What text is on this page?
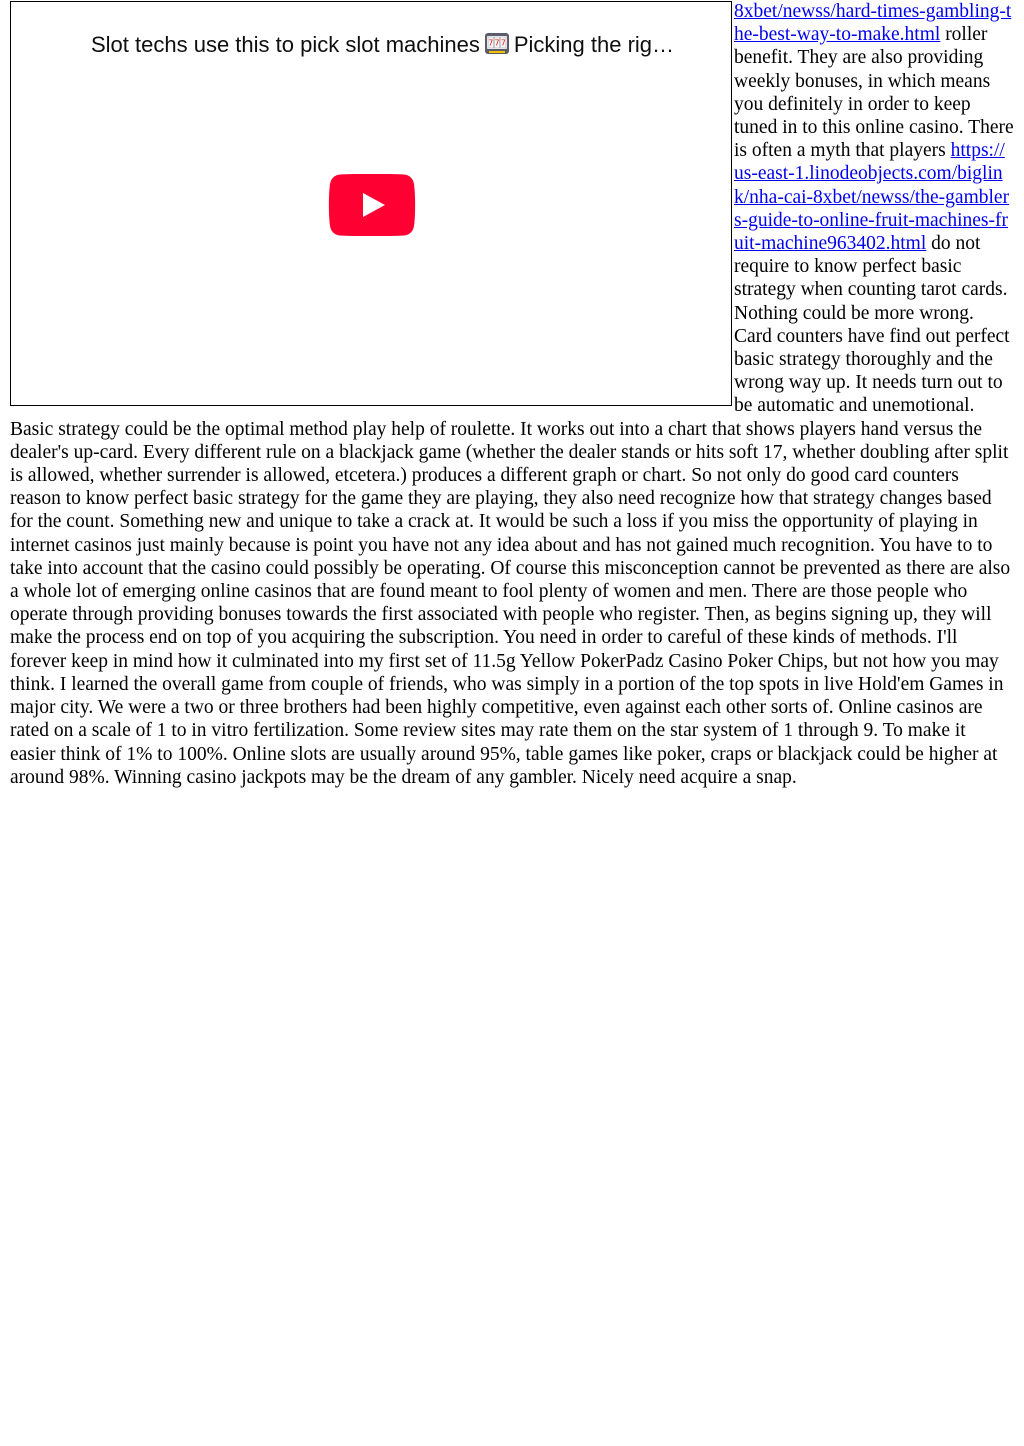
Slot techs use this to pick slot machines 7 7 7 Picking the rig…

8xbet/newss/hard-times-gambling-the-best-way-to-make.html roller benefit. They are also providing weekly bonuses, in which means you definitely in order to keep tuned in to this online casino. There is often a myth that players https://us-east-1.linodeobjects.com/biglink/nha-cai-8xbet/newss/the-gamblers-guide-to-online-fruit-machines-fruit-machine963402.html do not require to know perfect basic strategy when counting tarot cards. Nothing could be more wrong. Card counters have find out perfect basic strategy thoroughly and the wrong way up. It needs turn out to be automatic and unemotional. Basic strategy could be the optimal method play help of roulette. It works out into a chart that shows players hand versus the dealer's up-card. Every different rule on a blackjack game (whether the dealer stands or hits soft 17, whether doubling after split is allowed, whether surrender is allowed, etcetera.) produces a different graph or chart. So not only do good card counters reason to know perfect basic strategy for the game they are playing, they also need recognize how that strategy changes based for the count. Something new and unique to take a crack at. It would be such a loss if you miss the opportunity of playing in internet casinos just mainly because is point you have not any idea about and has not gained much recognition. You have to to take into account that the casino could possibly be operating. Of course this misconception cannot be prevented as there are also a whole lot of emerging online casinos that are found meant to fool plenty of women and men. There are those people who operate through providing bonuses towards the first associated with people who register. Then, as begins signing up, they will make the process end on top of you acquiring the subscription. You need in order to careful of these kinds of methods. I'll forever keep in mind how it culminated into my first set of 11.5g Yellow PokerPadz Casino Poker Chips, but not how you may think. I learned the overall game from couple of friends, who was simply in a portion of the top spots in live Hold'em Games in major city. We were a two or three brothers had been highly competitive, even against each other sorts of. Online casinos are rated on a scale of 1 to in vitro fertilization. Some review sites may rate them on the star system of 1 through 9. To make it easier think of 1% to 100%. Online slots are usually around 95%, table games like poker, craps or blackjack could be higher at around 98%. Winning casino jackpots may be the dream of any gambler. Nicely need acquire a snap.
